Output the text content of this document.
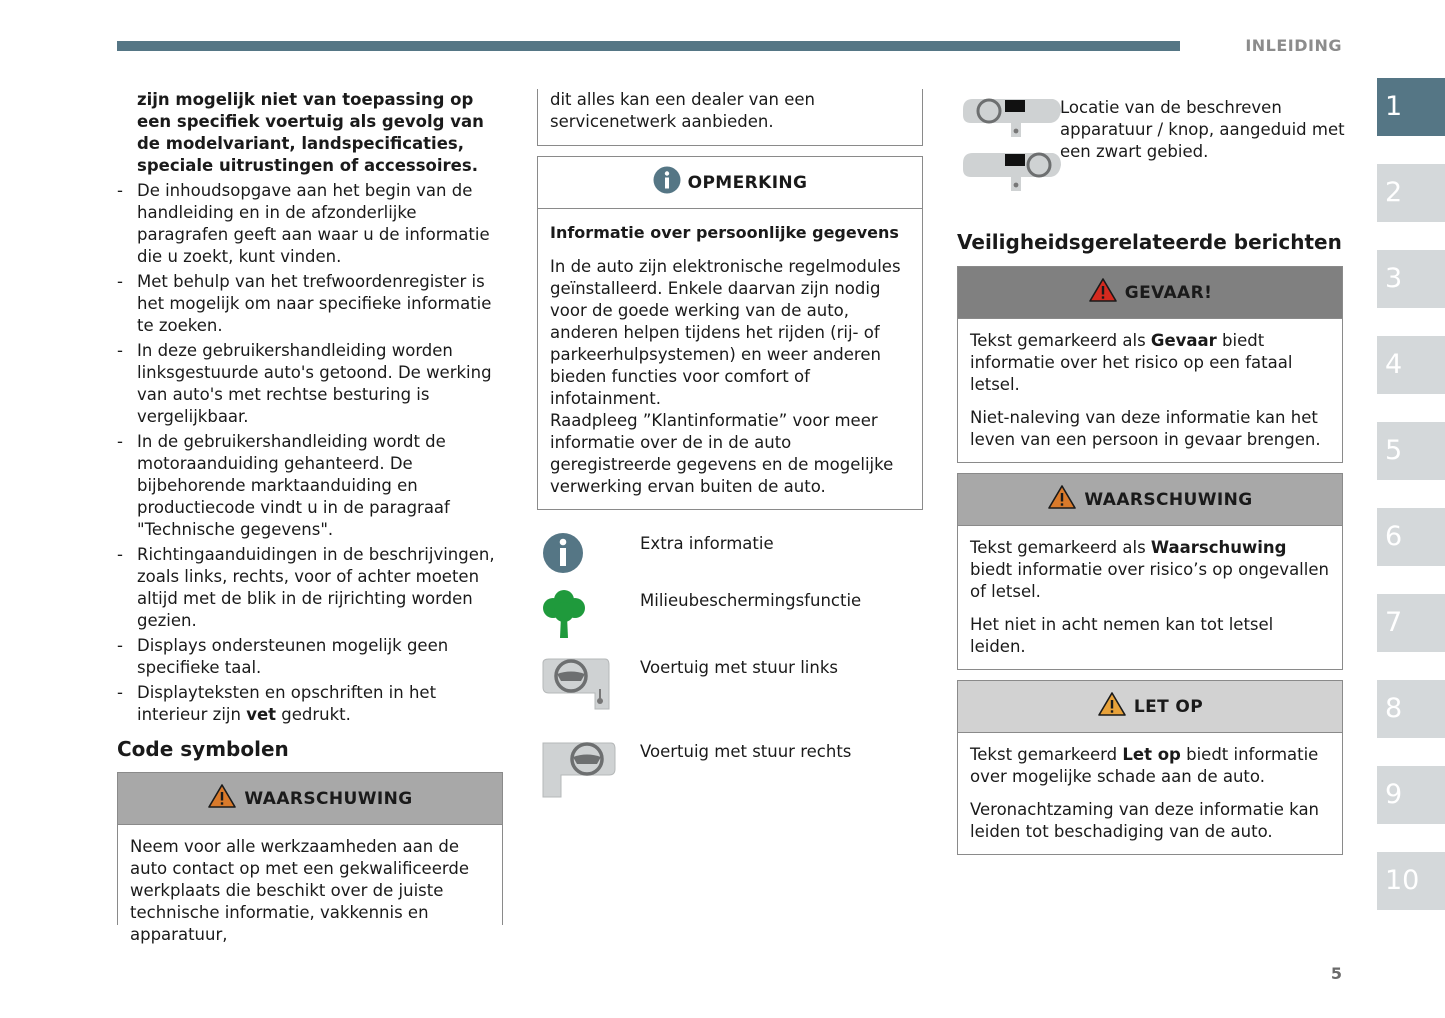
INLEIDING
1
2
3
4
5
6
7
8
9
10

zijn mogelijk niet van toepassing op een specifiek voertuig als gevolg van de modelvariant, landspecificaties, speciale uitrustingen of accessoires.

- De inhoudsopgave aan het begin van de handleiding en in de afzonderlijke paragrafen geeft aan waar u de informatie die u zoekt, kunt vinden.
- Met behulp van het trefwoordenregister is het mogelijk om naar specifieke informatie te zoeken.
- In deze gebruikershandleiding worden linksgestuurde auto's getoond. De werking van auto's met rechtse besturing is vergelijkbaar.
- In de gebruikershandleiding wordt de motoraanduiding gehanteerd. De bijbehorende marktaanduiding en productiecode vindt u in de paragraaf "Technische gegevens".
- Richtingaanduidingen in de beschrijvingen, zoals links, rechts, voor of achter moeten altijd met de blik in de rijrichting worden gezien.
- Displays ondersteunen mogelijk geen specifieke taal.
- Displayteksten en opschriften in het interieur zijn vet gedrukt.
Code symbolen
WAARSCHUWING

Neem voor alle werkzaamheden aan de auto contact op met een gekwalificeerde werkplaats die beschikt over de juiste technische informatie, vakkennis en apparatuur,

dit alles kan een dealer van een servicenetwerk aanbieden.

OPMERKING

Informatie over persoonlijke gegevens

In de auto zijn elektronische regelmodules geïnstalleerd. Enkele daarvan zijn nodig voor de goede werking van de auto, anderen helpen tijdens het rijden (rij- of parkeerhulpsystemen) en weer anderen bieden functies voor comfort of infotainment.

Raadpleeg ”Klantinformatie” voor meer informatie over de in de auto geregistreerde gegevens en de mogelijke verwerking ervan buiten de auto.

Extra informatie
Milieubeschermingsfunctie
Voertuig met stuur links
Voertuig met stuur rechts

Locatie van de beschreven apparatuur / knop, aangeduid met een zwart gebied.

Veiligheidsgerelateerde berichten
GEVAAR!

Tekst gemarkeerd als Gevaar biedt informatie over het risico op een fataal letsel.

Niet-naleving van deze informatie kan het leven van een persoon in gevaar brengen.

WAARSCHUWING

Tekst gemarkeerd als Waarschuwing biedt informatie over risico’s op ongevallen of letsel.

Het niet in acht nemen kan tot letsel leiden.

LET OP

Tekst gemarkeerd Let op biedt informatie over mogelijke schade aan de auto.

Veronachtzaming van deze informatie kan leiden tot beschadiging van de auto.

5
